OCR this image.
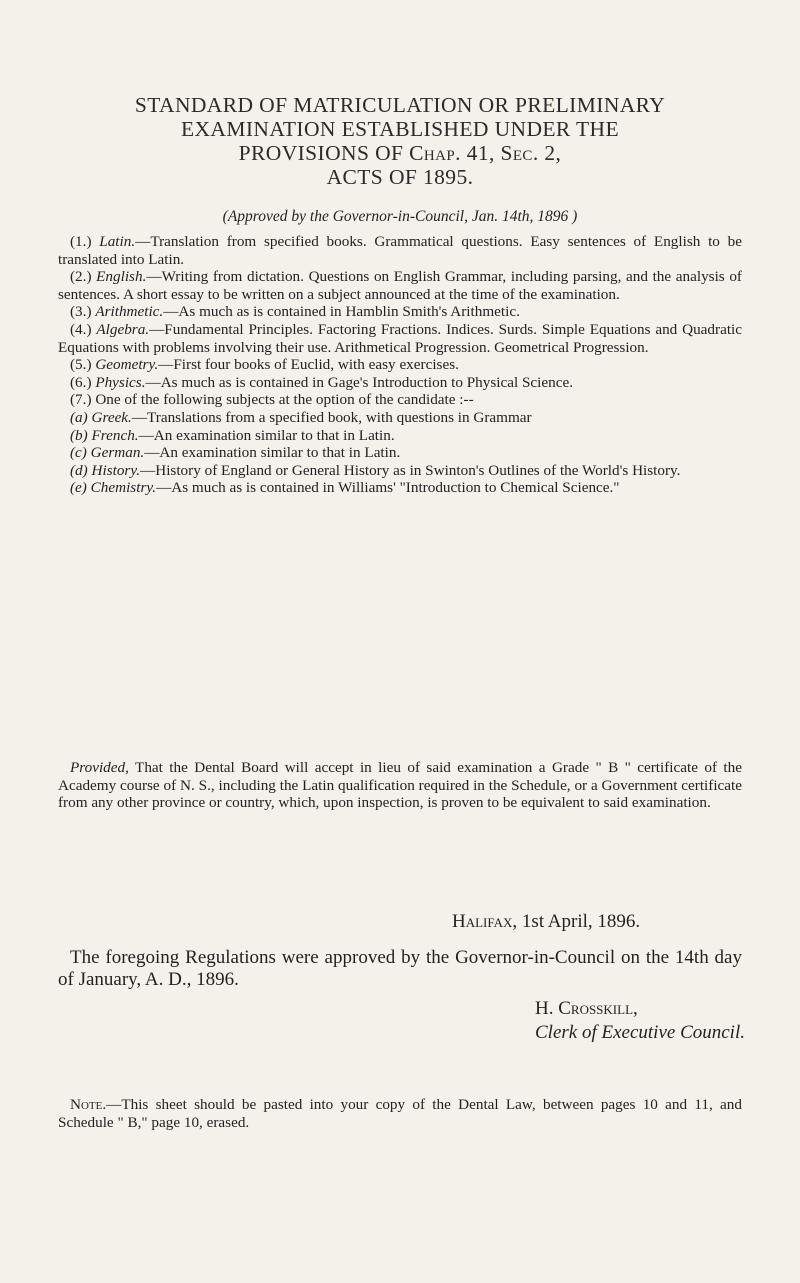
STANDARD OF MATRICULATION OR PRELIMINARY
EXAMINATION ESTABLISHED UNDER THE
PROVISIONS OF Chap. 41, Sec. 2,
ACTS OF 1895.
(Approved by the Governor-in-Council, Jan. 14th, 1896 )

(1.) Latin.—Translation from specified books. Grammatical questions. Easy sentences of English to be translated into Latin.

(2.) English.—Writing from dictation. Questions on English Grammar, including parsing, and the analysis of sentences. A short essay to be written on a subject announced at the time of the examination.

(3.) Arithmetic.—As much as is contained in Hamblin Smith's Arithmetic.

(4.) Algebra.—Fundamental Principles. Factoring Fractions. Indices. Surds. Simple Equations and Quadratic Equations with problems involving their use. Arithmetical Progression. Geometrical Progression.

(5.) Geometry.—First four books of Euclid, with easy exercises.

(6.) Physics.—As much as is contained in Gage's Introduction to Physical Science.

(7.) One of the following subjects at the option of the candidate :--

(a) Greek.—Translations from a specified book, with questions in Grammar

(b) French.—An examination similar to that in Latin.

(c) German.—An examination similar to that in Latin.

(d) History.—History of England or General History as in Swinton's Outlines of the World's History.

(e) Chemistry.—As much as is contained in Williams' "Introduction to Chemical Science."

Provided, That the Dental Board will accept in lieu of said examination a Grade " B " certificate of the Academy course of N. S., including the Latin qualification required in the Schedule, or a Government certificate from any other province or country, which, upon inspection, is proven to be equivalent to said examination.

Halifax, 1st April, 1896.

The foregoing Regulations were approved by the Governor-in-Council on the 14th day of January, A. D., 1896.

H. Crosskill,
Clerk of Executive Council.

Note.—This sheet should be pasted into your copy of the Dental Law, between pages 10 and 11, and Schedule " B," page 10, erased.
